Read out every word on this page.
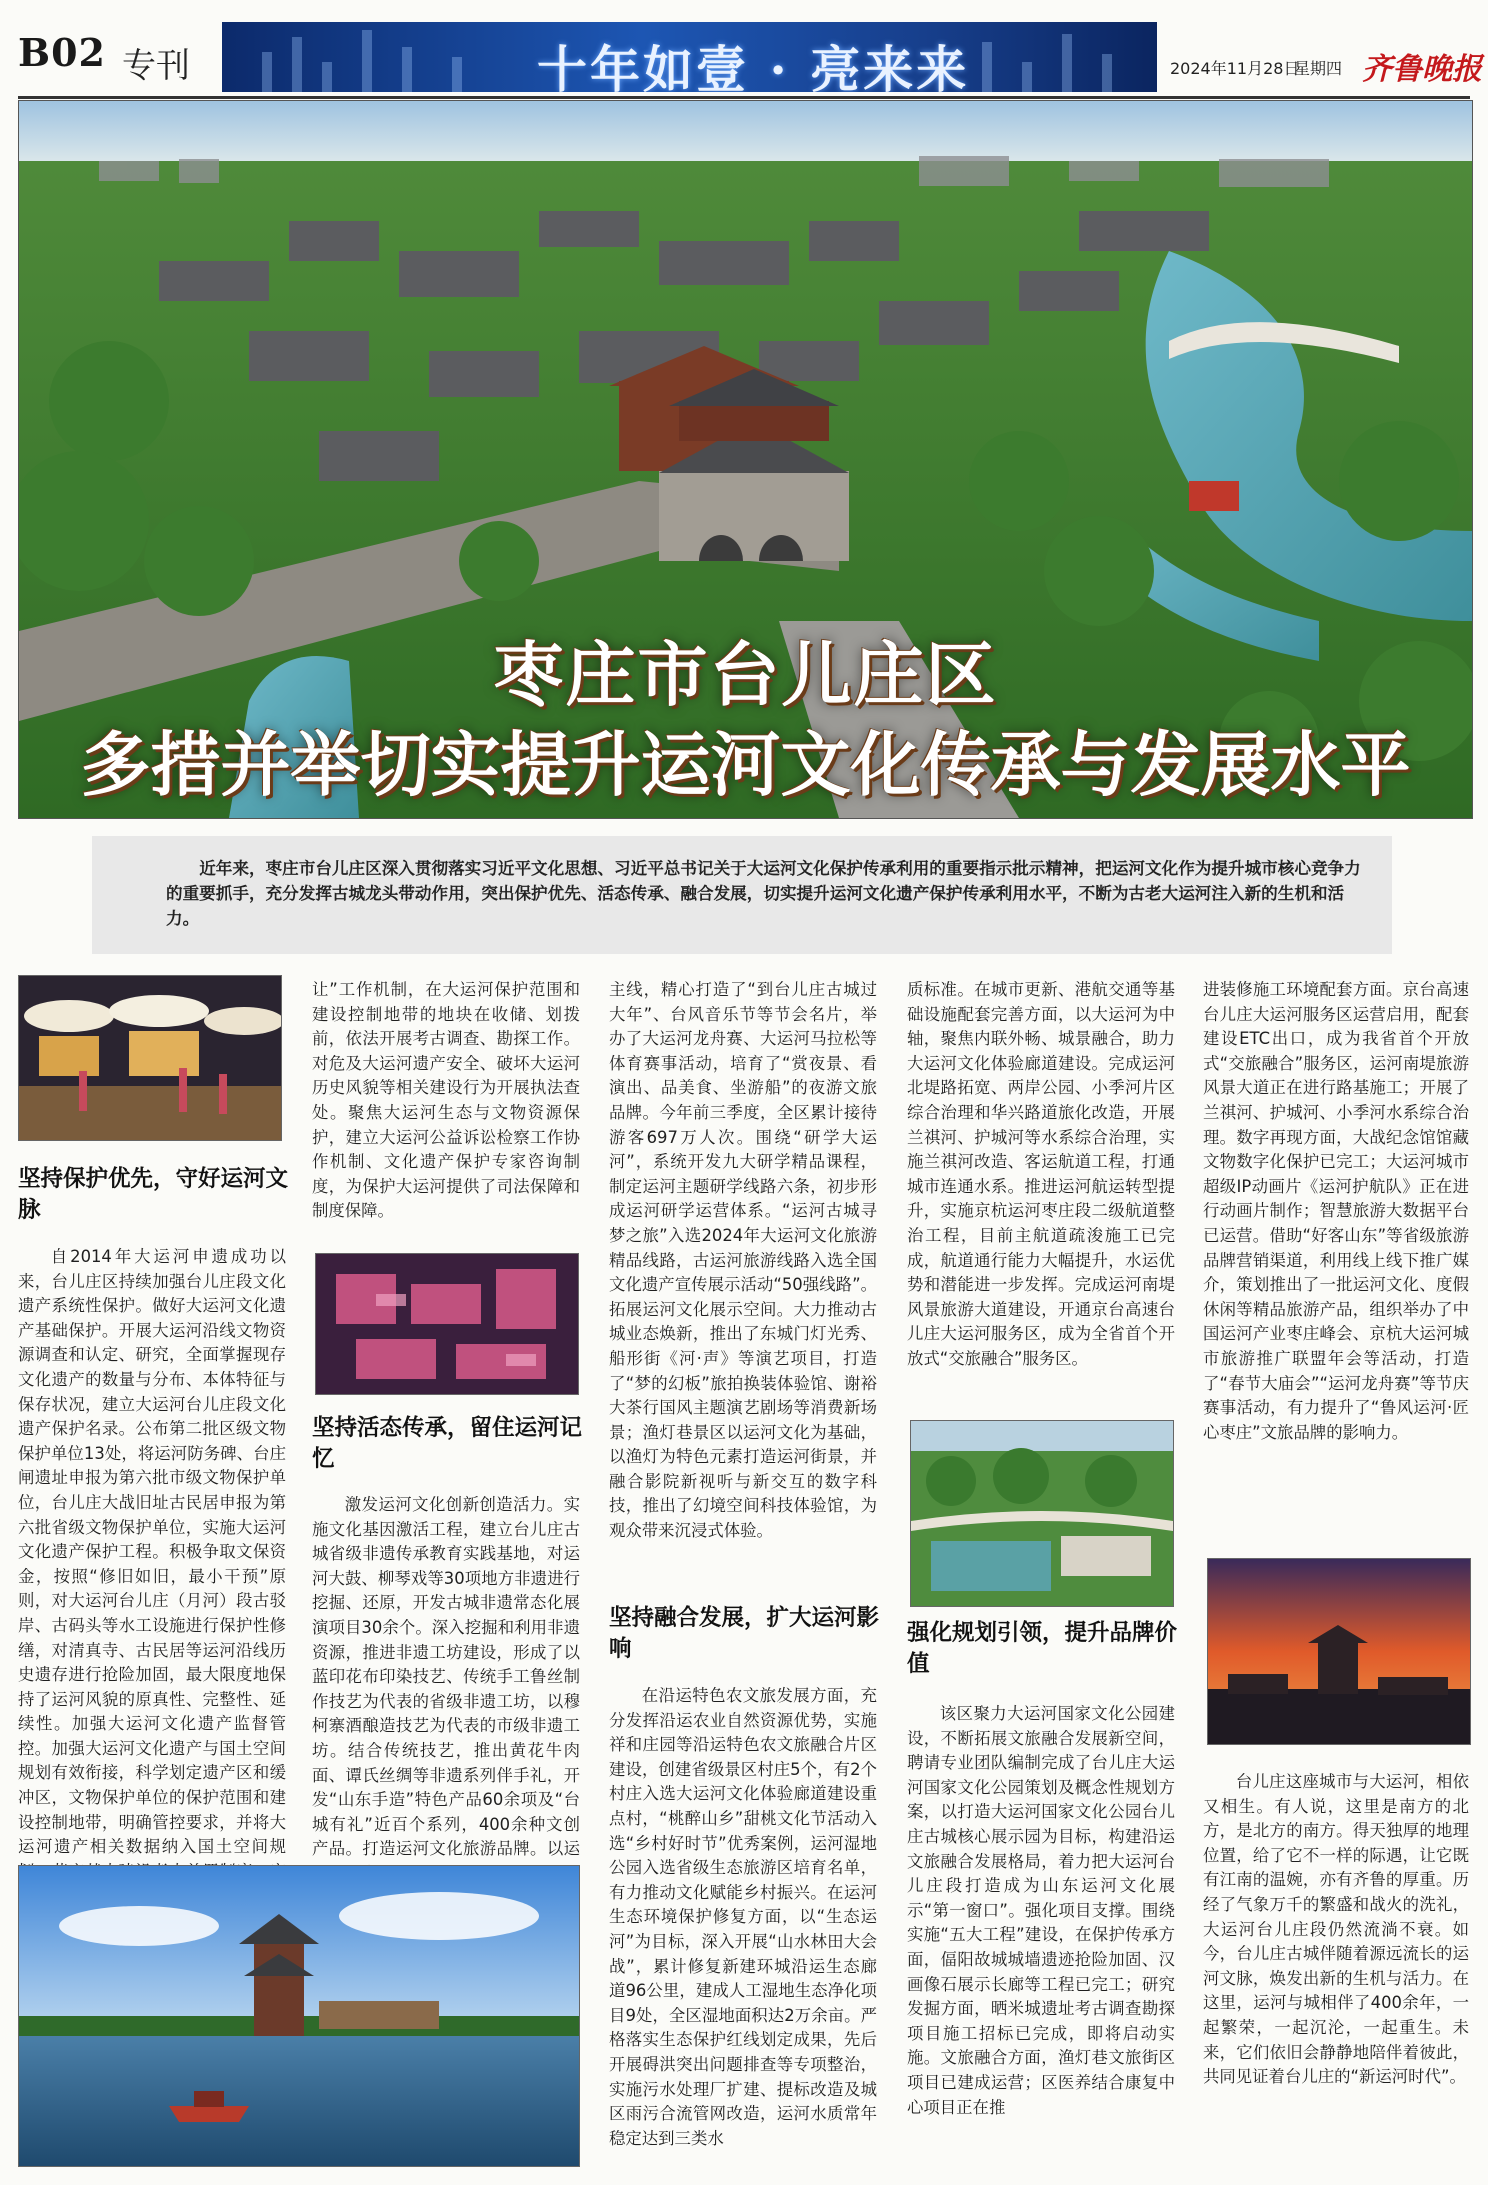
B02 专刊	十年如壹 · 亮来来	2024年11月28日
星期四 齐鲁晚报
枣庄市台儿庄区
多措并举切实提升运河文化传承与发展水平

近年来，枣庄市台儿庄区深入贯彻落实习近平文化思想、习近平总书记关于大运河文化保护传承利用的重要指示批示精神，把运河文化作为提升城市核心竞争力的重要抓手，充分发挥古城龙头带动作用，突出保护优先、活态传承、融合发展，切实提升运河文化遗产保护传承利用水平，不断为古老大运河注入新的生机和活力。

坚持保护优先，守好运河文脉

自2014年大运河申遗成功以来，台儿庄区持续加强台儿庄段文化遗产系统性保护。做好大运河文化遗产基础保护。开展大运河沿线文物资源调查和认定、研究，全面掌握现存文化遗产的数量与分布、本体特征与保存状况，建立大运河台儿庄段文化遗产保护名录。公布第二批区级文物保护单位13处，将运河防务碑、台庄闸遗址申报为第六批市级文物保护单位，台儿庄大战旧址古民居申报为第六批省级文物保护单位，实施大运河文化遗产保护工程。积极争取文保资金，按照“修旧如旧，最小干预”原则，对大运河台儿庄（月河）段古驳岸、古码头等水工设施进行保护性修缮，对清真寺、古民居等运河沿线历史遗存进行抢险加固，最大限度地保持了运河风貌的原真性、完整性、延续性。加强大运河文化遗产监督管控。加强大运河文化遗产与国土空间规划有效衔接，科学划定遗产区和缓冲区，文物保护单位的保护范围和建设控制地带，明确管控要求，并将大运河遗产相关数据纳入国土空间规

让”工作机制，在大运河保护范围和建设控制地带的地块在收储、划拨前，依法开展考古调查、勘探工作。对危及大运河遗产安全、破坏大运河历史风貌等相关建设行为开展执法查处。聚焦大运河生态与文物资源保护，建立大运河公益诉讼检察工作协作机制、文化遗产保护专家咨询制度，为保护大运河提供了司法保障和制度保障。

坚持活态传承，留住运河记忆

激发运河文化创新创造活力。实施文化基因激活工程，建立台儿庄古城省级非遗传承教育实践基地，对运河大鼓、柳琴戏等30项地方非遗进行挖掘、还原，开发古城非遗常态化展演项目30余个。深入挖掘和利用非遗资源，推进非遗工坊建设，形成了以蓝印花布印染技艺、传统手工鲁丝制作技艺为代表的省级非遗工坊，以穆柯寨酒酿造技艺为代表的市级非遗工坊。结合传统技艺，推出黄花牛肉面、谭氏丝绸等非遗系列伴手礼，开发“山东手造”特色产品60余项及“台城有礼”近百个系列，400余种文创产品。打造运河文化旅游品牌。以运

主线，精心打造了“到台儿庄古城过大年”、台风音乐节等节会名片，举办了大运河龙舟赛、大运河马拉松等体育赛事活动，培育了“赏夜景、看演出、品美食、坐游船”的夜游文旅品牌。今年前三季度，全区累计接待游客697万人次。围绕“研学大运河”，系统开发九大研学精品课程，制定运河主题研学线路六条，初步形成运河研学运营体系。“运河古城寻梦之旅”入选2024年大运河文化旅游精品线路，古运河旅游线路入选全国文化遗产宣传展示活动“50强线路”。拓展运河文化展示空间。大力推动古城业态焕新，推出了东城门灯光秀、船形街《河·声》等演艺项目，打造了“梦的幻板”旅拍换装体验馆、谢裕大茶行国风主题演艺剧场等消费新场景；渔灯巷景区以运河文化为基础，以渔灯为特色元素打造运河街景，并融合影院新视听与新交互的数字科技，推出了幻境空间科技体验馆，为观众带来沉浸式体验。

坚持融合发展，扩大运河影响

在沿运特色农文旅发展方面，充分发挥沿运农业自然资源优势，实施祥和庄园等沿运特色农文旅融合片区建设，创建省级景区村庄5个，有2个村庄入选大运河文化体验廊道建设重点村，“桃醉山乡”甜桃文化节活动入选“乡村好时节”优秀案例，运河湿地公园入选省级生态旅游区培育名单，有力推动文化赋能乡村振兴。在运河生态环境保护修复方面，以“生态运河”为目标，深入开展“山水林田大会战”，累计修复新建环城沿运生态廊道96公里，建成人工湿地生态净化项目9处，全区湿地面积达2万余亩。严格落实生态保护红线划定成果，先后开展碍洪突出问题排查等专项整治，实施污水处理厂扩建、提标改造及城区雨污合流管网改造，运河水质常年稳定达到三类水

质标准。在城市更新、港航交通等基础设施配套完善方面，以大运河为中轴，聚焦内联外畅、城景融合，助力大运河文化体验廊道建设。完成运河北堤路拓宽、两岸公园、小季河片区综合治理和华兴路道旅化改造，开展兰祺河、护城河等水系综合治理，实施兰祺河改造、客运航道工程，打通城市连通水系。推进运河航运转型提升，实施京杭运河枣庄段二级航道整治工程，目前主航道疏浚施工已完成，航道通行能力大幅提升，水运优势和潜能进一步发挥。完成运河南堤风景旅游大道建设，开通京台高速台儿庄大运河服务区，成为全省首个开放式“交旅融合”服务区。

强化规划引领，提升品牌价值

该区聚力大运河国家文化公园建设，不断拓展文旅融合发展新空间，聘请专业团队编制完成了台儿庄大运河国家文化公园策划及概念性规划方案，以打造大运河国家文化公园台儿庄古城核心展示园为目标，构建沿运文旅融合发展格局，着力把大运河台儿庄段打造成为山东运河文化展示“第一窗口”。强化项目支撑。围绕实施“五大工程”建设，在保护传承方面，偪阳故城城墙遗迹抢险加固、汉画像石展示长廊等工程已完工；研究发掘方面，晒米城遗址考古调查勘探项目施工招标已完成，即将启动实施。文旅融合方面，渔灯巷文旅街区项目已建成运营；区医养结合康复中心项目正在推

进装修施工环境配套方面。京台高速台儿庄大运河服务区运营启用，配套建设ETC出口，成为我省首个开放式“交旅融合”服务区，运河南堤旅游风景大道正在进行路基施工；开展了兰祺河、护城河、小季河水系综合治理。数字再现方面，大战纪念馆馆藏文物数字化保护已完工；大运河城市超级IP动画片《运河护航队》正在进行动画片制作；智慧旅游大数据平台已运营。借助“好客山东”等省级旅游品牌营销渠道，利用线上线下推广媒介，策划推出了一批运河文化、度假休闲等精品旅游产品，组织举办了中国运河产业枣庄峰会、京杭大运河城市旅游推广联盟年会等活动，打造了“春节大庙会”“运河龙舟赛”等节庆赛事活动，有力提升了“鲁风运河·匠心枣庄”文旅品牌的影响力。

台儿庄这座城市与大运河，相依又相生。有人说，这里是南方的北方，是北方的南方。得天独厚的地理位置，给了它不一样的际遇，让它既有江南的温婉，亦有齐鲁的厚重。历经了气象万千的繁盛和战火的洗礼，大运河台儿庄段仍然流淌不衰。如今，台儿庄古城伴随着源远流长的运河文脉，焕发出新的生机与活力。在这里，运河与城相伴了400余年，一起繁荣，一起沉沦，一起重生。未来，它们依旧会静静地陪伴着彼此，共同见证着台儿庄的“新运河时代”。
